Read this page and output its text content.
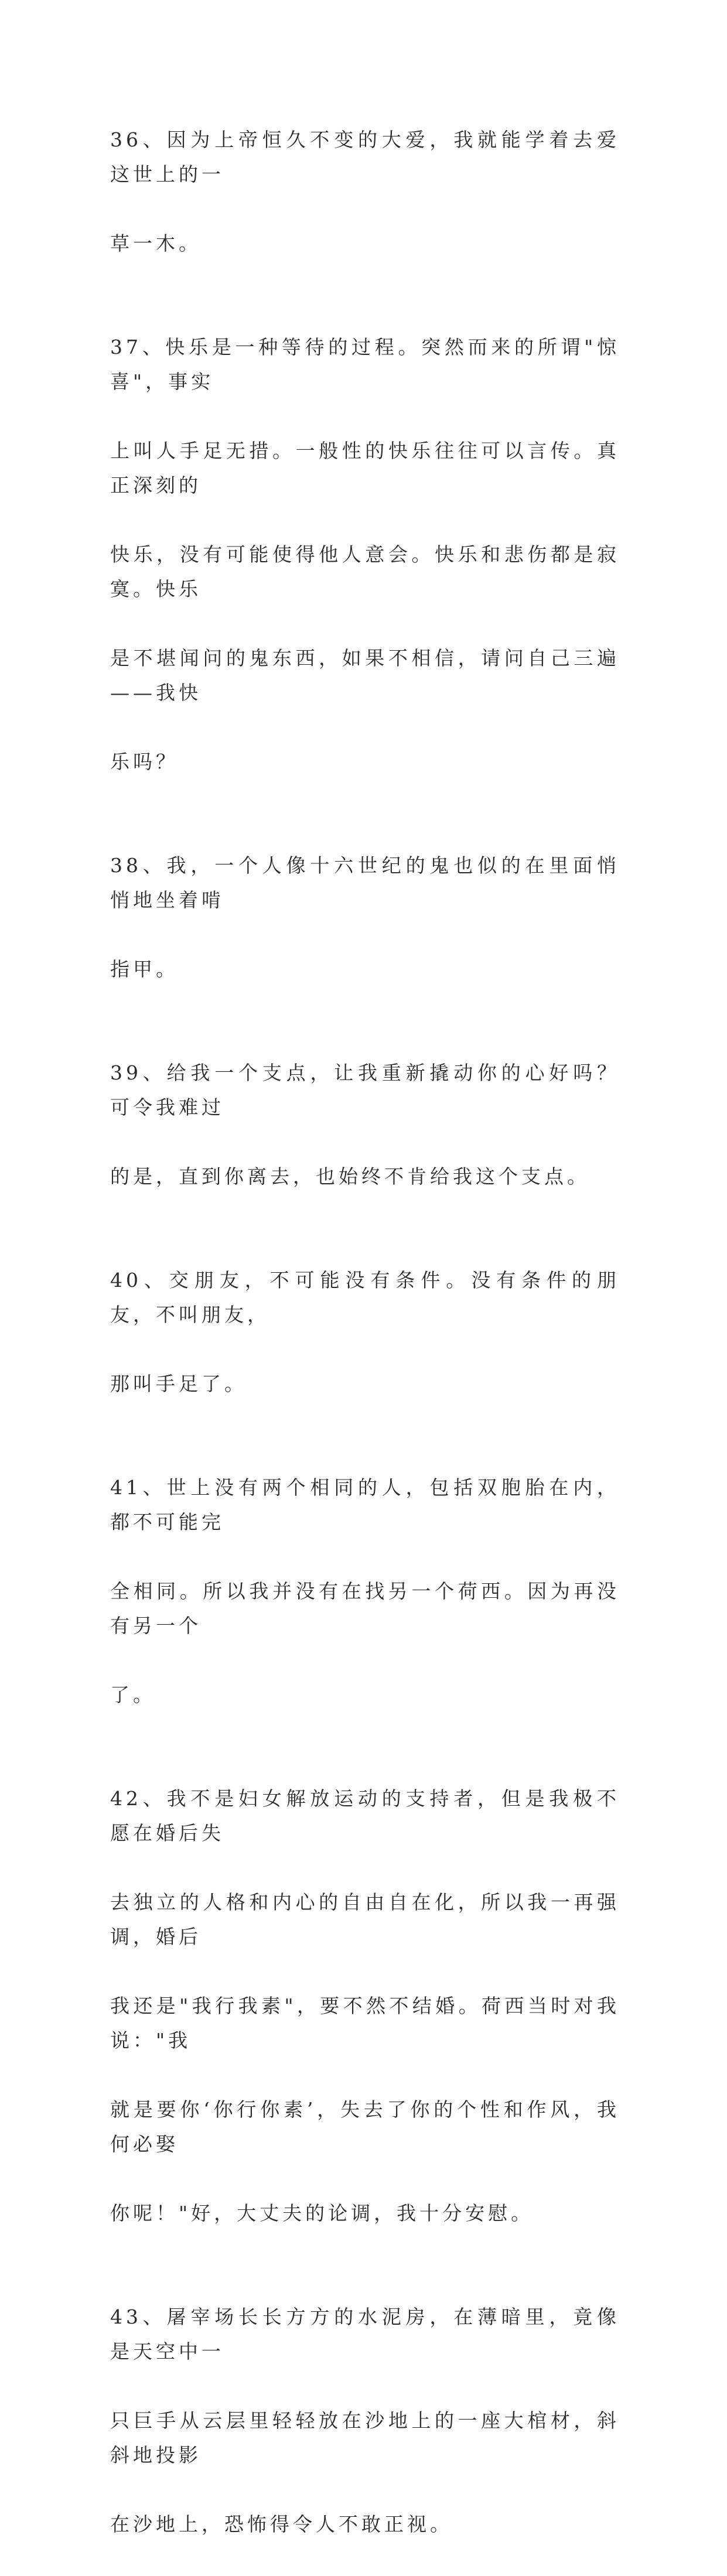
36、因为上帝恒久不变的大爱，我就能学着去爱这世上的一

草一木。

37、快乐是一种等待的过程。突然而来的所谓"惊喜"，事实

上叫人手足无措。一般性的快乐往往可以言传。真正深刻的

快乐，没有可能使得他人意会。快乐和悲伤都是寂寞。快乐

是不堪闻问的鬼东西，如果不相信，请问自己三遍——我快

乐吗？

38、我，一个人像十六世纪的鬼也似的在里面悄悄地坐着啃

指甲。

39、给我一个支点，让我重新撬动你的心好吗？可令我难过

的是，直到你离去，也始终不肯给我这个支点。

40、交朋友，不可能没有条件。没有条件的朋友，不叫朋友，

那叫手足了。

41、世上没有两个相同的人，包括双胞胎在内，都不可能完

全相同。所以我并没有在找另一个荷西。因为再没有另一个

了。

42、我不是妇女解放运动的支持者，但是我极不愿在婚后失

去独立的人格和内心的自由自在化，所以我一再强调，婚后

我还是"我行我素"，要不然不结婚。荷西当时对我说："我

就是要你‘你行你素’，失去了你的个性和作风，我何必娶

你呢！"好，大丈夫的论调，我十分安慰。

43、屠宰场长长方方的水泥房，在薄暗里，竟像是天空中一

只巨手从云层里轻轻放在沙地上的一座大棺材，斜斜地投影

在沙地上，恐怖得令人不敢正视。
